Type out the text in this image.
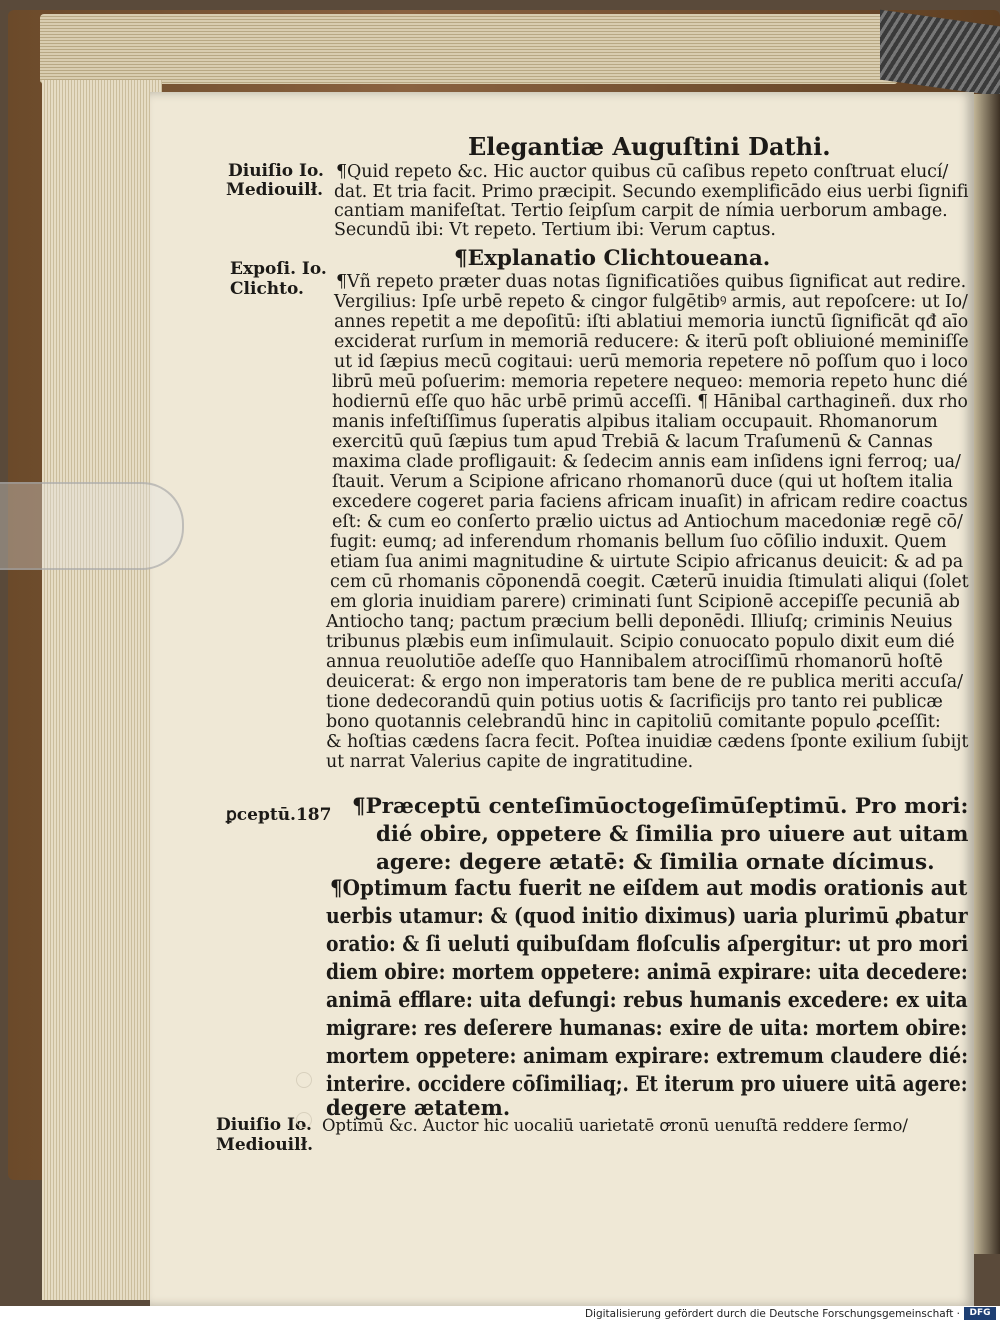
Elegantiæ Auguſtini Dathi.
Diuiſio Io.
Mediouilł.
Expoſi. Io.
Clichto.
ꝑceptū.187
Diuiſio Io.
Mediouilł.
¶Quid repeto &c. Hic auctor quibus cū caſibus repeto conſtruat elucí/
dat. Et tria facit. Primo præcipit. Secundo exemplificādo eius uerbi ſignifi
cantiam manifeſtat. Tertio ſeipſum carpit de nímia uerborum ambage.
Secundū ibi: Vt repeto. Tertium ibi: Verum captus.
¶Explanatio Clichtoueana.
¶Vñ repeto præter duas notas ſignificatiões quibus ſignificat aut redire.
Vergilius: Ipſe urbē repeto & cingor fulgētibꝰ armis, aut repoſcere: ut Io/
annes repetit a me depoſitū: iſti ablatiui memoria iunctū ſignificāt qđ aīo
exciderat rurſum in memoriā reducere: & iterū poſt obliuioné meminiſſe
ut id ſæpius mecū cogitaui: uerū memoria repetere nō poſſum quo i loco
librū meū poſuerim: memoria repetere nequeo: memoria repeto hunc dié
hodiernū eſſe quo hāc urbē primū acceſſi. ¶ Hānibal carthagineñ. dux rho
manis infeſtiſſimus ſuperatis alpibus italiam occupauit. Rhomanorum
exercitū quū ſæpius tum apud Trebiā & lacum Traſumenū & Cannas
maxima clade profligauit: & ſedecim annis eam inſidens igni ferroq; ua/
ſtauit. Verum a Scipione africano rhomanorū duce (qui ut hoſtem italia
excedere cogeret paria faciens africam inuaſit) in africam redire coactus
eſt: & cum eo conſerto prælio uictus ad Antiochum macedoniæ regē cō/
fugit: eumq; ad inferendum rhomanis bellum ſuo cōſilio induxit. Quem
etiam ſua animi magnitudine & uirtute Scipio africanus deuicit: & ad pa
cem cū rhomanis cōponendā coegit. Cæterū inuidia ſtimulati aliqui (ſolet
em gloria inuidiam parere) criminati ſunt Scipionē accepiſſe pecuniā ab
Antiocho tanq; pactum præcium belli deponēdi. Illiuſq; criminis Neuius
tribunus plæbis eum inſimulauit. Scipio conuocato populo dixit eum dié
annua reuolutiōe adeſſe quo Hannibalem atrociſſimū rhomanorū hoſtē
deuicerat: & ergo non imperatoris tam bene de re publica meriti accuſa/
tione dedecorandū quin potius uotis & ſacrificijs pro tanto rei publicæ
bono quotannis celebrandū hinc in capitoliū comitante populo ꝓceſſit:
& hoſtias cædens ſacra fecit. Poſtea inuidiæ cædens ſponte exilium ſubijt
ut narrat Valerius capite de ingratitudine.
¶Præceptū centeſimūoctogeſimūſeptimū. Pro mori:
dié obire, oppetere & ſimilia pro uiuere aut uitam
agere: degere ætatē: & ſimilia ornate dícimus.
¶Optimum factu fuerit ne eiſdem aut modis orationis aut
uerbis utamur: & (quod initio diximus) uaria plurimū ꝓbatur
oratio: & ſi ueluti quibuſdam floſculis aſpergitur: ut pro mori
diem obire: mortem oppetere: animā expirare: uita decedere:
animā efflare: uita defungi: rebus humanis excedere: ex uita
migrare: res deſerere humanas: exire de uita: mortem obire:
mortem oppetere: animam expirare: extremum claudere dié:
interire. occidere cōſimiliaq;. Et iterum pro uiuere uitā agere:
degere ætatem.
Optimū &c. Auctor hic uocaliū uarietatē ꝍronū uenuſtā reddere ſermo/
Digitalisierung gefördert durch die Deutsche Forschungsgemeinschaft ·	DFG
